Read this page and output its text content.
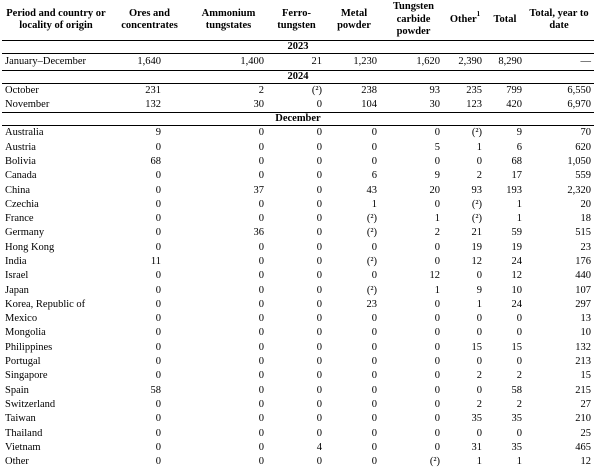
Period and country or locality of origin	Ores and concentrates	Ammonium tungstates	Ferro-tungsten	Metal powder	Tungsten carbide powder	Other$^1$	Total	Total, year to date
2023								
January–December	1,640	1,400	21	1,230	1,620	2,390	8,290	—
2024								
October	231	2	(²)	238	93	235	799	6,550
November	132	30	0	104	30	123	420	6,970
December								
Australia	9	0	0	0	0	(²)	9	70
Austria	0	0	0	0	5	1	6	620
Bolivia	68	0	0	0	0	0	68	1,050
Canada	0	0	0	6	9	2	17	559
China	0	37	0	43	20	93	193	2,320
Czechia	0	0	0	1	0	(²)	1	20
France	0	0	0	(²)	1	(²)	1	18
Germany	0	36	0	(²)	2	21	59	515
Hong Kong	0	0	0	0	0	19	19	23
India	11	0	0	(²)	0	12	24	176
Israel	0	0	0	0	12	0	12	440
Japan	0	0	0	(²)	1	9	10	107
Korea, Republic of	0	0	0	23	0	1	24	297
Mexico	0	0	0	0	0	0	0	13
Mongolia	0	0	0	0	0	0	0	10
Philippines	0	0	0	0	0	15	15	132
Portugal	0	0	0	0	0	0	0	213
Singapore	0	0	0	0	0	2	2	15
Spain	58	0	0	0	0	0	58	215
Switzerland	0	0	0	0	0	2	2	27
Taiwan	0	0	0	0	0	35	35	210
Thailand	0	0	0	0	0	0	0	25
Vietnam	0	0	4	0	0	31	35	465
Other	0	0	0	0	(²)	1	1	12
